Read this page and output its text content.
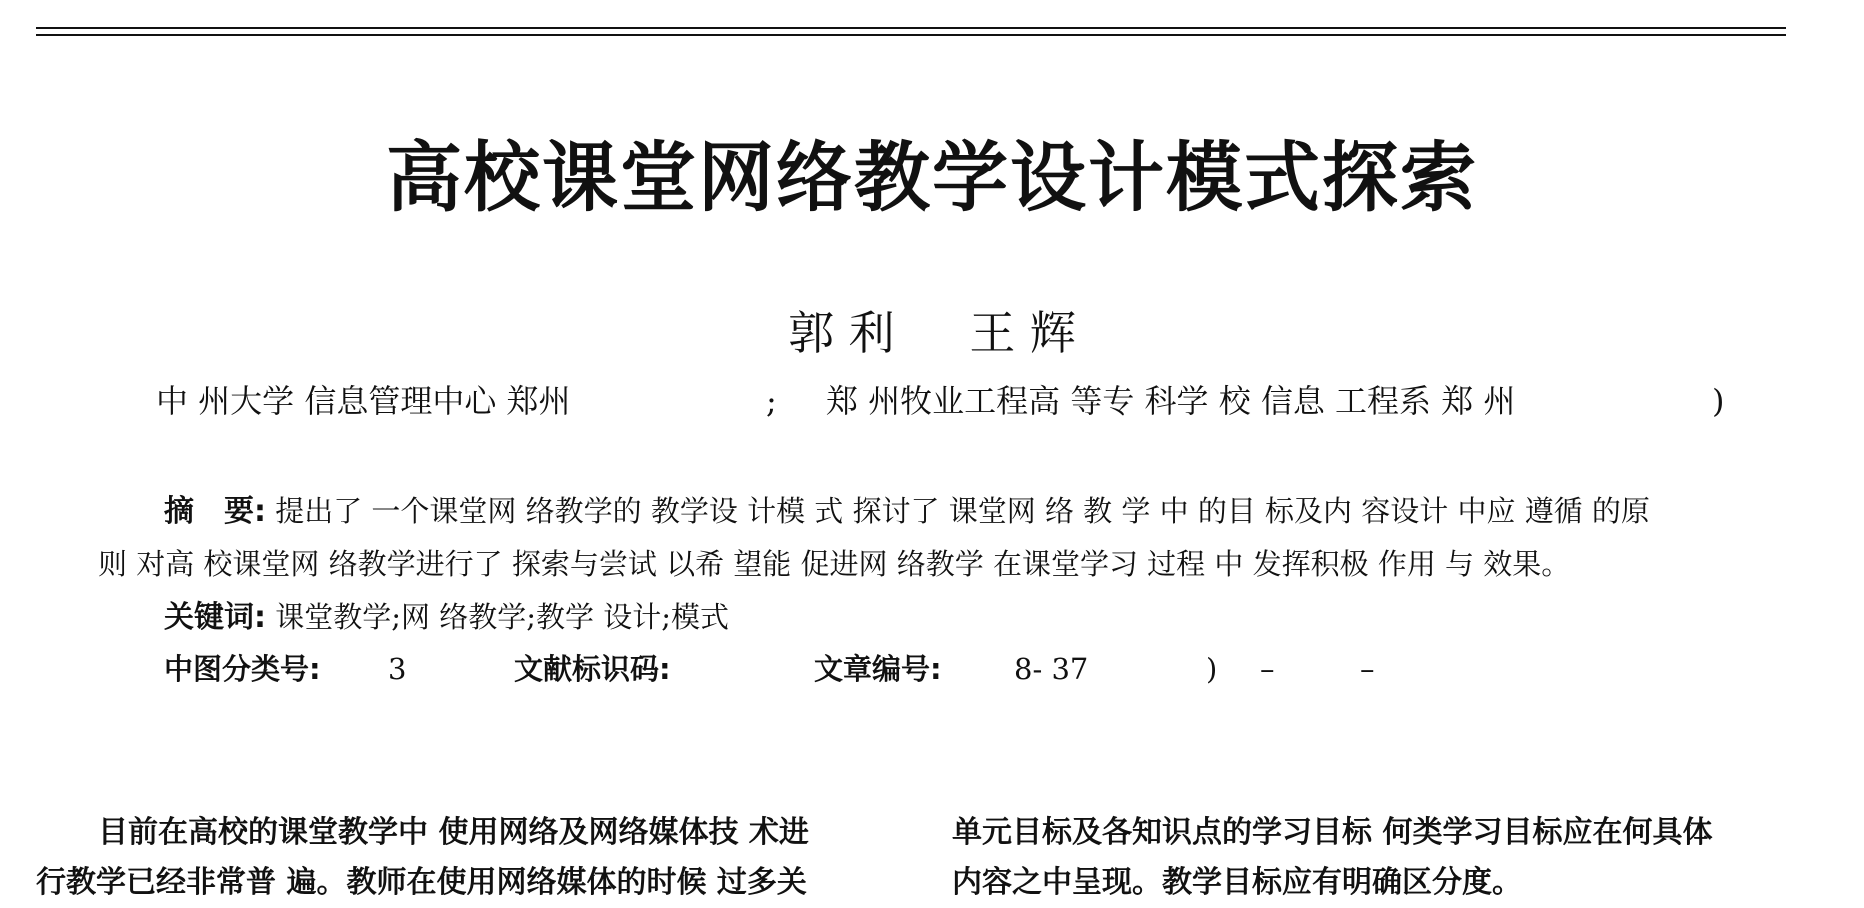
高校课堂网络教学设计模式探索
郭 利 王 辉
中 州大学 信息管理中心 郑州	; 郑 州牧业工程高 等专 科学 校 信息 工程系 郑 州	)
摘　要: 提出了 一个课堂网 络教学的 教学设 计模 式 探讨了 课堂网 络 教 学 中 的目 标及内 容设计 中应 遵循 的原
则 对高 校课堂网 络教学进行了 探索与尝试 以希 望能 促进网 络教学 在课堂学习 过程 中 发挥积极 作用 与 效果。
关键词: 课堂教学;网 络教学;教学 设计;模式
中图分类号: 3	文献标识码:	文章编号: 8- 37	) –	–
目前在高校的课堂教学中 使用网络及网络媒体技 术进
行教学已经非常普 遍。教师在使用网络媒体的时候 过多关
单元目标及各知识点的学习目标 何类学习目标应在何具体
内容之中呈现。教学目标应有明确区分度。
